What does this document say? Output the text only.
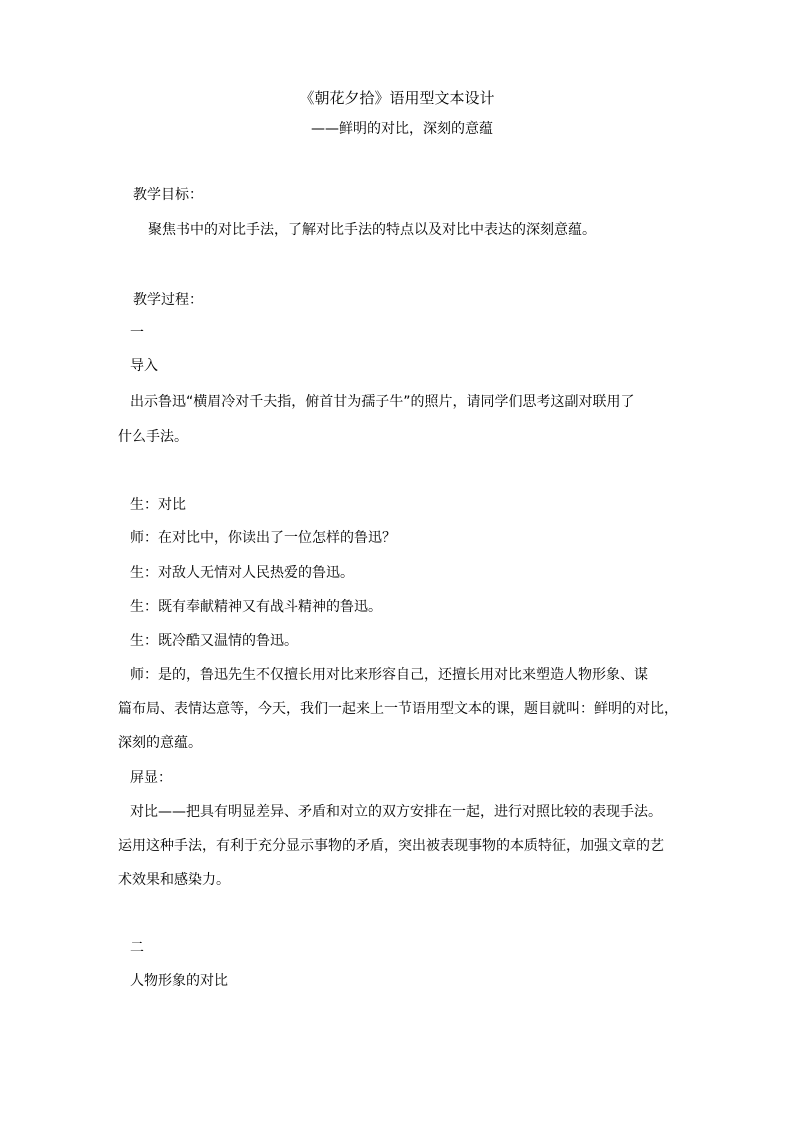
《朝花夕拾》语用型文本设计
——鲜明的对比，深刻的意蕴
教学目标：
聚焦书中的对比手法，了解对比手法的特点以及对比中表达的深刻意蕴。
教学过程：
一
导入
出示鲁迅“横眉冷对千夫指，俯首甘为孺子牛”的照片，请同学们思考这副对联用了
什么手法。
生：对比
师：在对比中，你读出了一位怎样的鲁迅？
生：对敌人无情对人民热爱的鲁迅。
生：既有奉献精神又有战斗精神的鲁迅。
生：既冷酷又温情的鲁迅。
师：是的，鲁迅先生不仅擅长用对比来形容自己，还擅长用对比来塑造人物形象、谋
篇布局、表情达意等，今天，我们一起来上一节语用型文本的课，题目就叫：鲜明的对比，
深刻的意蕴。
屏显：
对比——把具有明显差异、矛盾和对立的双方安排在一起，进行对照比较的表现手法。
运用这种手法，有利于充分显示事物的矛盾，突出被表现事物的本质特征，加强文章的艺
术效果和感染力。
二
人物形象的对比
